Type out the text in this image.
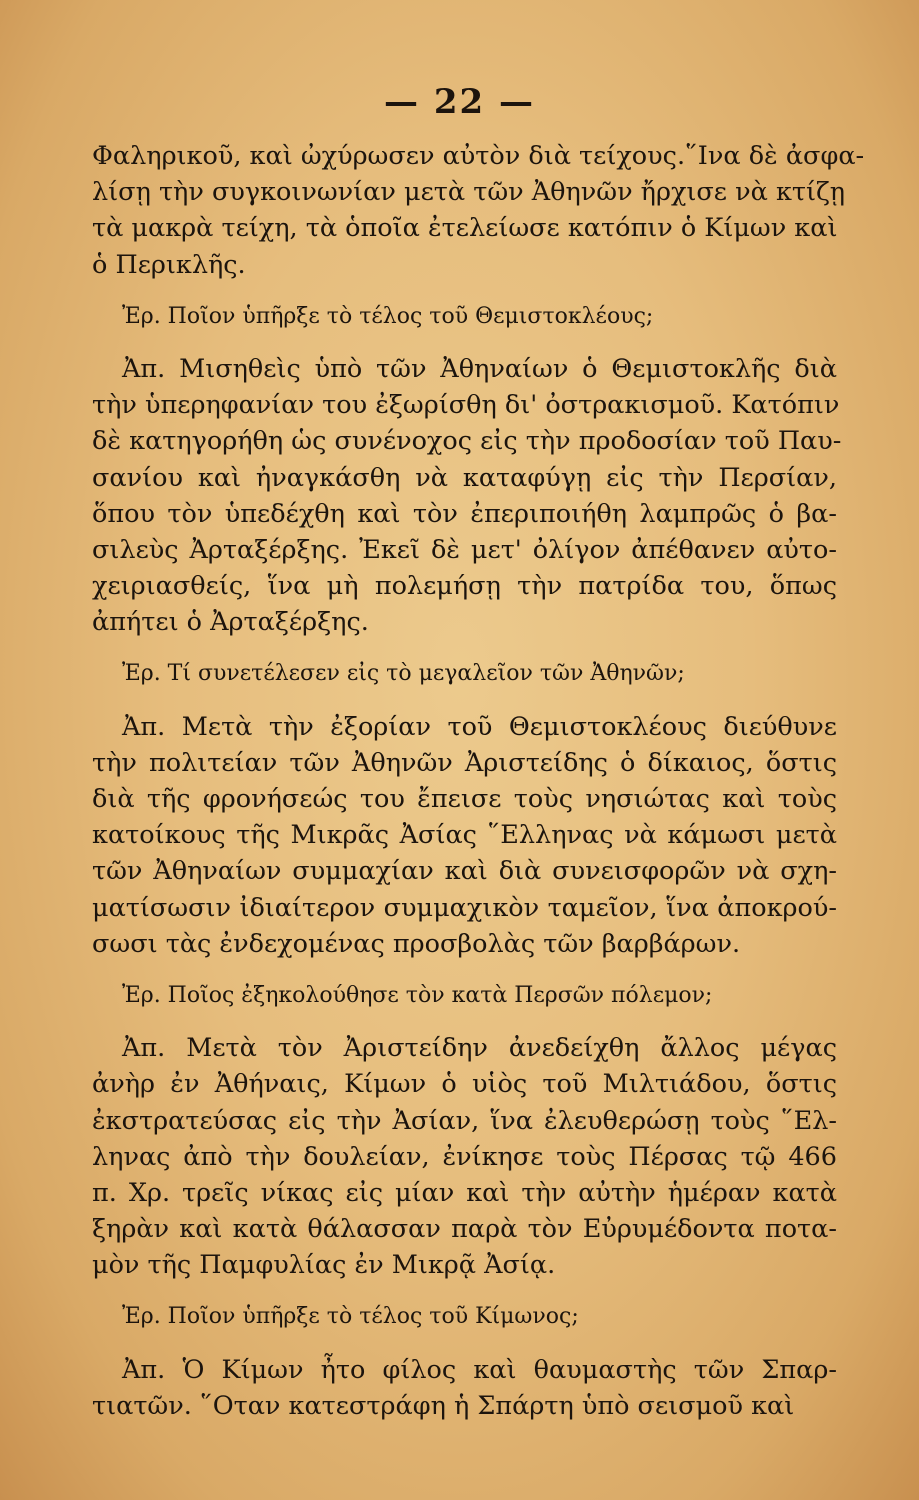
— 22 —
Φαληρικοῦ, καὶ ὠχύρωσεν αὐτὸν διὰ τείχους.῞Ινα δὲ ἀσφα-
λίσῃ τὴν συγκοινωνίαν μετὰ τῶν Ἀθηνῶν ἤρχισε νὰ κτίζῃ
τὰ μακρὰ τείχη, τὰ ὁποῖα ἐτελείωσε κατόπιν ὁ Κίμων καὶ
ὁ Περικλῆς.
Ἐρ. Ποῖον ὑπῆρξε τὸ τέλος τοῦ Θεμιστοκλέους;
Ἀπ. Μισηθεὶς ὑπὸ τῶν Ἀθηναίων ὁ Θεμιστοκλῆς διὰ
τὴν ὑπερηφανίαν του ἐξωρίσθη δι' ὀστρακισμοῦ. Κατόπιν
δὲ κατηγορήθη ὡς συνένοχος εἰς τὴν προδοσίαν τοῦ Παυ-
σανίου καὶ ἠναγκάσθη νὰ καταφύγῃ εἰς τὴν Περσίαν,
ὅπου τὸν ὑπεδέχθη καὶ τὸν ἐπεριποιήθη λαμπρῶς ὁ βα-
σιλεὺς Ἀρταξέρξης. Ἐκεῖ δὲ μετ' ὀλίγον ἀπέθανεν αὐτο-
χειριασθείς, ἵνα μὴ πολεμήσῃ τὴν πατρίδα του, ὅπως
ἀπήτει ὁ Ἀρταξέρξης.
Ἐρ. Τί συνετέλεσεν εἰς τὸ μεγαλεῖον τῶν Ἀθηνῶν;
Ἀπ. Μετὰ τὴν ἐξορίαν τοῦ Θεμιστοκλέους διεύθυνε
τὴν πολιτείαν τῶν Ἀθηνῶν Ἀριστείδης ὁ δίκαιος, ὅστις
διὰ τῆς φρονήσεώς του ἔπεισε τοὺς νησιώτας καὶ τοὺς
κατοίκους τῆς Μικρᾶς Ἀσίας ῞Ελληνας νὰ κάμωσι μετὰ
τῶν Ἀθηναίων συμμαχίαν καὶ διὰ συνεισφορῶν νὰ σχη-
ματίσωσιν ἰδιαίτερον συμμαχικὸν ταμεῖον, ἵνα ἀποκρού-
σωσι τὰς ἐνδεχομένας προσβολὰς τῶν βαρβάρων.
Ἐρ. Ποῖος ἐξηκολούθησε τὸν κατὰ Περσῶν πόλεμον;
Ἀπ. Μετὰ τὸν Ἀριστείδην ἀνεδείχθη ἄλλος μέγας
ἀνὴρ ἐν Ἀθήναις, Κίμων ὁ υἱὸς τοῦ Μιλτιάδου, ὅστις
ἐκστρατεύσας εἰς τὴν Ἀσίαν, ἵνα ἐλευθερώσῃ τοὺς ῞Ελ-
ληνας ἀπὸ τὴν δουλείαν, ἐνίκησε τοὺς Πέρσας τῷ 466
π. Χρ. τρεῖς νίκας εἰς μίαν καὶ τὴν αὐτὴν ἡμέραν κατὰ
ξηρὰν καὶ κατὰ θάλασσαν παρὰ τὸν Εὐρυμέδοντα ποτα-
μὸν τῆς Παμφυλίας ἐν Μικρᾷ Ἀσίᾳ.
Ἐρ. Ποῖον ὑπῆρξε τὸ τέλος τοῦ Κίμωνος;
Ἀπ. Ὁ Κίμων ἦτο φίλος καὶ θαυμαστὴς τῶν Σπαρ-
τιατῶν. ῞Οταν κατεστράφη ἡ Σπάρτη ὑπὸ σεισμοῦ καὶ
